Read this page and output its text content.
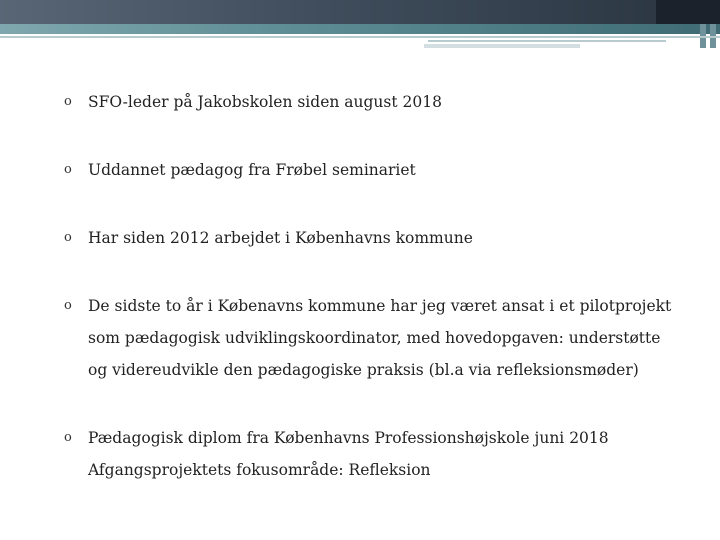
o SFO-leder på Jakobskolen siden august 2018
o Uddannet pædagog fra Frøbel seminariet
o Har siden 2012 arbejdet i Københavns kommune
o De sidste to år i Købenavns kommune har jeg været ansat i et pilotprojekt
som pædagogisk udviklingskoordinator, med hovedopgaven: understøtte
og videreudvikle den pædagogiske praksis (bl.a via refleksionsmøder)
o Pædagogisk diplom fra Københavns Professionshøjskole juni 2018
Afgangsprojektets fokusområde: Refleksion
